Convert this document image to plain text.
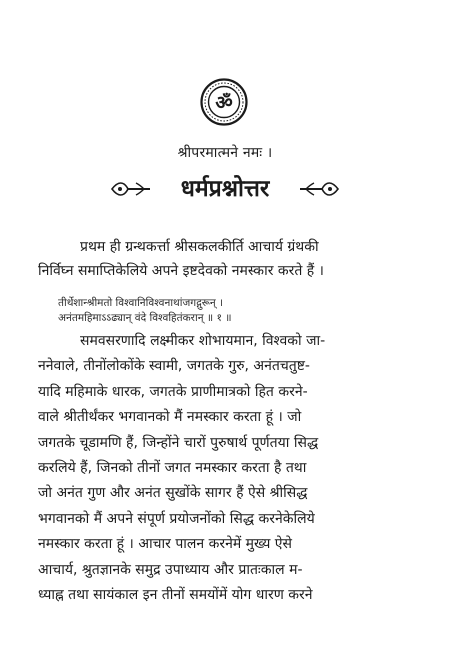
ॐ
श्रीपरमात्मने नमः ।
धर्मप्रश्नोत्तर
प्रथम ही ग्रन्थकर्त्ता श्रीसकलकीर्ति आचार्य ग्रंथकी
निर्विघ्न समाप्तिकेलिये अपने इष्टदेवको नमस्कार करते हैं ।
तीर्थेशान्श्रीमतो विश्वानिविश्वनाथांजगद्गुरून् ।
अनंतमहिमाऽऽढ्यान् वंदे विश्वहितंकरान् ॥ १ ॥
समवसरणादि लक्ष्मीकर शोभायमान, विश्वको जा-
ननेवाले, तीनोंलोकोंके स्वामी, जगतके गुरु, अनंतचतुष्ट-
यादि महिमाके धारक, जगतके प्राणीमात्रको हित करने-
वाले श्रीतीर्थंकर भगवानको मैं नमस्कार करता हूं । जो
जगतके चूडामणि हैं, जिन्होंने चारों पुरुषार्थ पूर्णतया सिद्ध
करलिये हैं, जिनको तीनों जगत नमस्कार करता है तथा
जो अनंत गुण और अनंत सुखोंके सागर हैं ऐसे श्रीसिद्ध
भगवानको मैं अपने संपूर्ण प्रयोजनोंको सिद्ध करनेकेलिये
नमस्कार करता हूं । आचार पालन करनेमें मुख्य ऐसे
आचार्य, श्रुतज्ञानके समुद्र उपाध्याय और प्रातःकाल म-
ध्याह्न तथा सायंकाल इन तीनों समयोंमें योग धारण करने
